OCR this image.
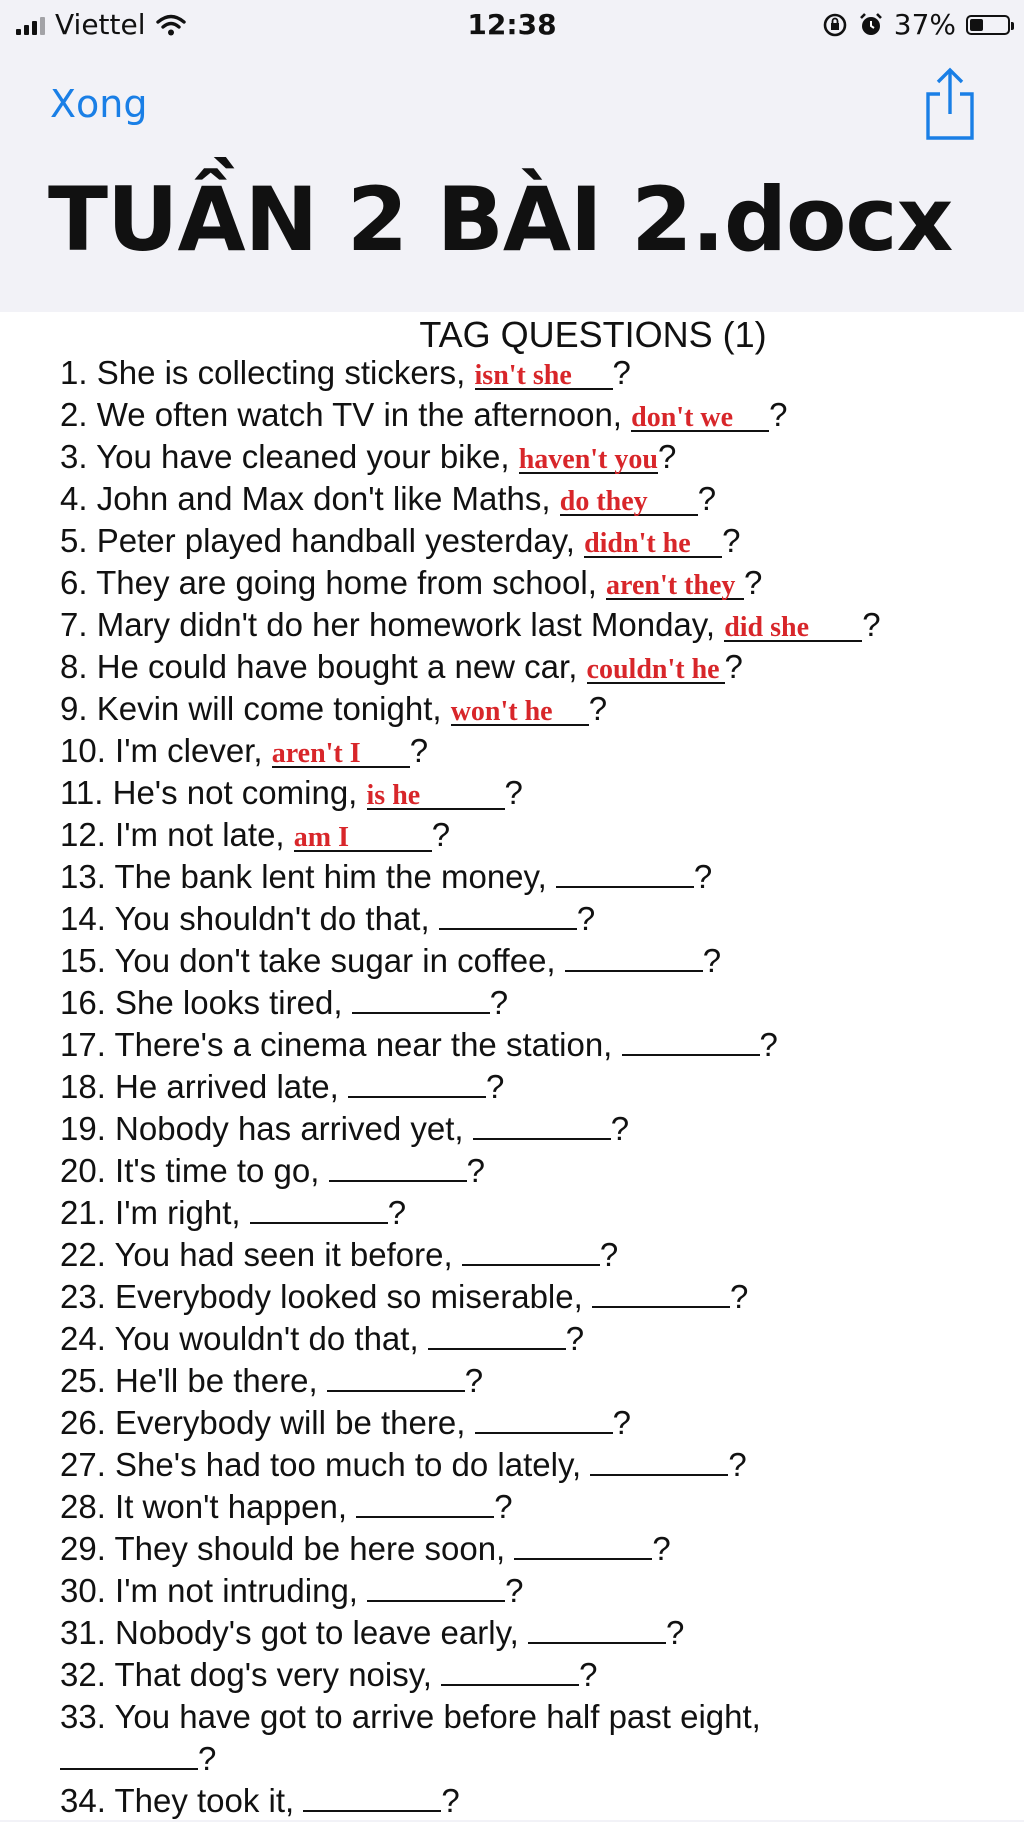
Viettel	12:38	37%
Xong
TUẦN 2 BÀI 2.docx
TAG QUESTIONS (1)
1. She is collecting stickers, isn't she ?
2. We often watch TV in the afternoon, don't we ?
3. You have cleaned your bike, haven't you?
4. John and Max don't like Maths, do they ?
5. Peter played handball yesterday, didn't he ?
6. They are going home from school, aren't they ?
7. Mary didn't do her homework last Monday, did she ?
8. He could have bought a new car, couldn't he ?
9. Kevin will come tonight, won't he ?
10. I'm clever, aren't I ?
11. He's not coming, is he	?
12. I'm not late, am I	?
13. The bank lent him the money,	?
14. You shouldn't do that,	?
15. You don't take sugar in coffee,	?
16. She looks tired,	?
17. There's a cinema near the station,	?
18. He arrived late,	?
19. Nobody has arrived yet,	?
20. It's time to go,	?
21. I'm right,	?
22. You had seen it before,	?
23. Everybody looked so miserable,	?
24. You wouldn't do that,	?
25. He'll be there,	?
26. Everybody will be there,	?
27. She's had too much to do lately,	?
28. It won't happen,	?
29. They should be here soon,	?
30. I'm not intruding,	?
31. Nobody's got to leave early,	?
32. That dog's very noisy,	?
33. You have got to arrive before half past eight,
?
34. They took it,	?
